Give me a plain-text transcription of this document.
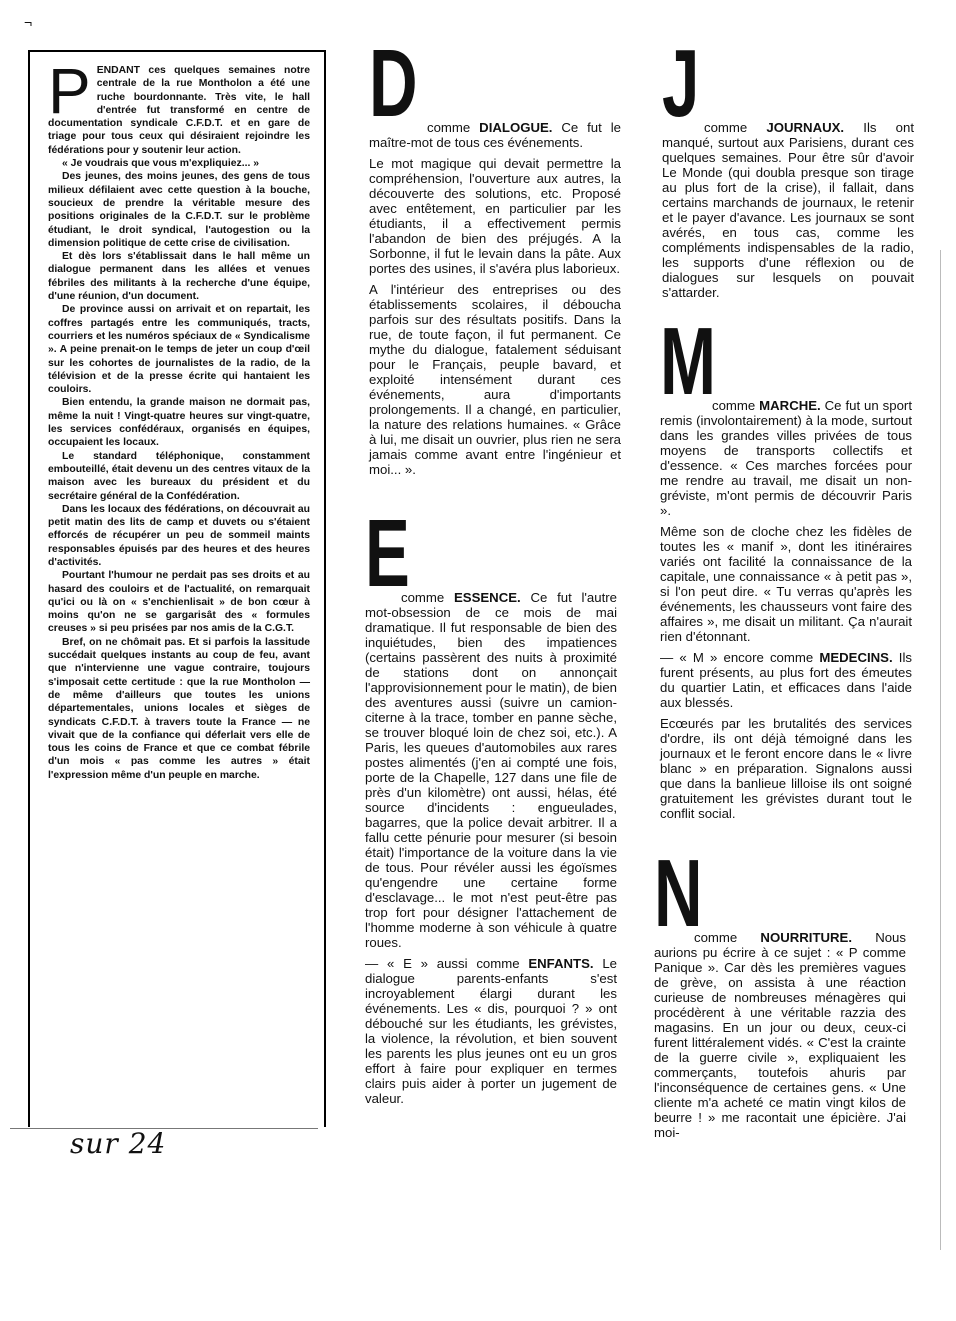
¬
P ENDANT ces quelques semaines notre centrale de la rue Montholon a été une ruche bourdonnante. Très vite, le hall d'entrée fut transformé en centre de documentation syndicale C.F.D.T. et en gare de triage pour tous ceux qui désiraient rejoindre les fédérations pour y soutenir leur action.

« Je voudrais que vous m'expliquiez... »

Des jeunes, des moins jeunes, des gens de tous milieux défilaient avec cette question à la bouche, soucieux de prendre la véritable mesure des positions originales de la C.F.D.T. sur le problème étudiant, le droit syndical, l'autogestion ou la dimension politique de cette crise de civilisation.

Et dès lors s'établissait dans le hall même un dialogue permanent dans les allées et venues fébriles des militants à la recherche d'une équipe, d'une réunion, d'un document.

De province aussi on arrivait et on repartait, les coffres partagés entre les communiqués, tracts, courriers et les numéros spéciaux de « Syndicalisme ». A peine prenait-on le temps de jeter un coup d'œil sur les cohortes de journalistes de la radio, de la télévision et de la presse écrite qui hantaient les couloirs.

Bien entendu, la grande maison ne dormait pas, même la nuit ! Vingt-quatre heures sur vingt-quatre, les services confédéraux, organisés en équipes, occupaient les locaux.

Le standard téléphonique, constamment embouteillé, était devenu un des centres vitaux de la maison avec les bureaux du président et du secrétaire général de la Confédération.

Dans les locaux des fédérations, on découvrait au petit matin des lits de camp et duvets ou s'étaient efforcés de récupérer un peu de sommeil maints responsables épuisés par des heures et des heures d'activités.

Pourtant l'humour ne perdait pas ses droits et au hasard des couloirs et de l'actualité, on remarquait qu'ici ou là on « s'enchienlisait » de bon cœur à moins qu'on ne se gargarisât des « formules creuses » si peu prisées par nos amis de la C.G.T.

Bref, on ne chômait pas. Et si parfois la lassitude succédait quelques instants au coup de feu, avant que n'intervienne une vague contraire, toujours s'imposait cette certitude : que la rue Montholon — de même d'ailleurs que toutes les unions départementales, unions locales et sièges de syndicats C.F.D.T. à travers toute la France — ne vivait que de la confiance qui déferlait vers elle de tous les coins de France et que ce combat fébrile d'un mois « pas comme les autres » était l'expression même d'un peuple en marche.

sur 24
D comme DIALOGUE. Ce fut le maître-mot de tous ces événements.

Le mot magique qui devait permettre la compréhension, l'ouverture aux autres, la découverte des solutions, etc. Proposé avec entêtement, en particulier par les étudiants, il a effectivement permis l'abandon de bien des préjugés. A la Sorbonne, il fut le levain dans la pâte. Aux portes des usines, il s'avéra plus laborieux.

A l'intérieur des entreprises ou des établissements scolaires, il déboucha parfois sur des résultats positifs. Dans la rue, de toute façon, il fut permanent. Ce mythe du dialogue, fatalement séduisant pour le Français, peuple bavard, et exploité intensément durant ces événements, aura d'importants prolongements. Il a changé, en particulier, la nature des relations humaines. « Grâce à lui, me disait un ouvrier, plus rien ne sera jamais comme avant entre l'ingénieur et moi... ».

E

comme ESSENCE. Ce fut l'autre mot-obsession de ce mois de mai dramatique. Il fut responsable de bien des inquiétudes, bien des impatiences (certains passèrent des nuits à proximité de stations dont on annonçait l'approvisionnement pour le matin), de bien des aventures aussi (suivre un camion-citerne à la trace, tomber en panne sèche, se trouver bloqué loin de chez soi, etc.). A Paris, les queues d'automobiles aux rares postes alimentés (j'en ai compté une fois, porte de la Chapelle, 127 dans une file de près d'un kilomètre) ont aussi, hélas, été source d'incidents : engueulades, bagarres, que la police devait arbitrer. Il a fallu cette pénurie pour mesurer (si besoin était) l'importance de la voiture dans la vie de tous. Pour révéler aussi les égoïsmes qu'engendre une certaine forme d'esclavage... le mot n'est peut-être pas trop fort pour désigner l'attachement de l'homme moderne à son véhicule à quatre roues.

— « E » aussi comme ENFANTS. Le dialogue parents-enfants s'est incroyablement élargi durant les événements. Les « dis, pourquoi ? » ont débouché sur les étudiants, les grévistes, la violence, la révolution, et bien souvent les parents les plus jeunes ont eu un gros effort à faire pour expliquer en termes clairs puis aider à porter un jugement de valeur.

J comme JOURNAUX. Ils ont manqué, surtout aux Parisiens, durant ces quelques semaines. Pour être sûr d'avoir Le Monde (qui doubla presque son tirage au plus fort de la crise), il fallait, dans certains marchands de journaux, le retenir et le payer d'avance. Les journaux se sont avérés, en tous cas, comme les compléments indispensables de la radio, les supports d'une réflexion ou de dialogues sur lesquels on pouvait s'attarder.

M

comme MARCHE. Ce fut un sport remis (involontairement) à la mode, surtout dans les grandes villes privées de tous moyens de transports collectifs et d'essence. « Ces marches forcées pour me rendre au travail, me disait un non-gréviste, m'ont permis de découvrir Paris ».

Même son de cloche chez les fidèles de toutes les « manif », dont les itinéraires variés ont facilité la connaissance de la capitale, une connaissance « à petit pas », si l'on peut dire. « Tu verras qu'après les événements, les chausseurs vont faire des affaires », me disait un militant. Ça n'aurait rien d'étonnant.

— « M » encore comme MEDECINS. Ils furent présents, au plus fort des émeutes du quartier Latin, et efficaces dans l'aide aux blessés.

Ecœurés par les brutalités des services d'ordre, ils ont déjà témoigné dans les journaux et le feront encore dans le « livre blanc » en préparation. Signalons aussi que dans la banlieue lilloise ils ont soigné gratuitement les grévistes durant tout le conflit social.

N

comme NOURRITURE. Nous aurions pu écrire à ce sujet : « P comme Panique ». Car dès les premières vagues de grève, on assista à une réaction curieuse de nombreuses ménagères qui procédèrent à une véritable razzia des magasins. En un jour ou deux, ceux-ci furent littéralement vidés. « C'est la crainte de la guerre civile », expliquaient les commerçants, toutefois ahuris par l'inconséquence de certaines gens. « Une cliente m'a acheté ce matin vingt kilos de beurre ! » me racontait une épicière. J'ai moi-
